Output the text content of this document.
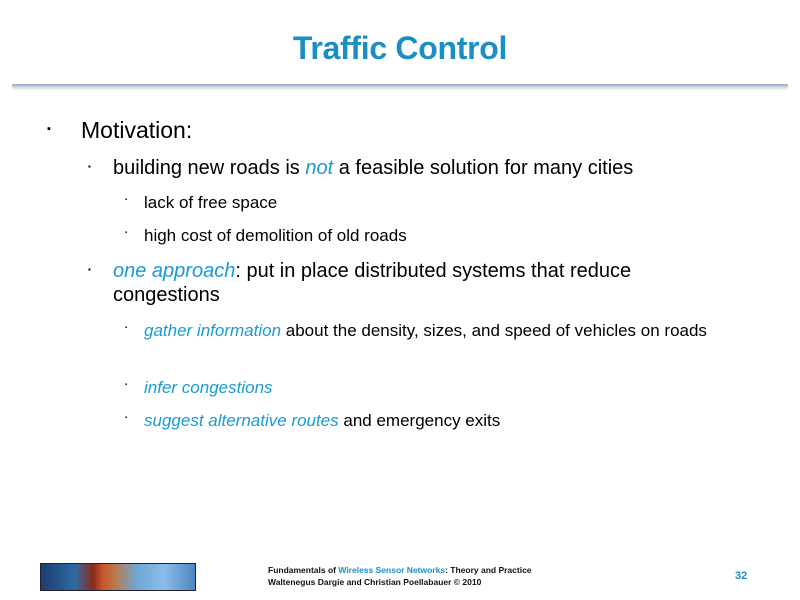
Traffic Control
▪	Motivation:
▪	building new roads is not a feasible solution for many cities
▪ lack of free space
▪ high cost of demolition of old roads
▪	one approach: put in place distributed systems that reduce congestions
▪ gather information about the density, sizes, and speed of vehicles on roads
▪ infer congestions
▪ suggest alternative routes and emergency exits
Fundamentals of Wireless Sensor Networks: Theory and Practice
Waltenegus Dargie and Christian Poellabauer © 2010
32
